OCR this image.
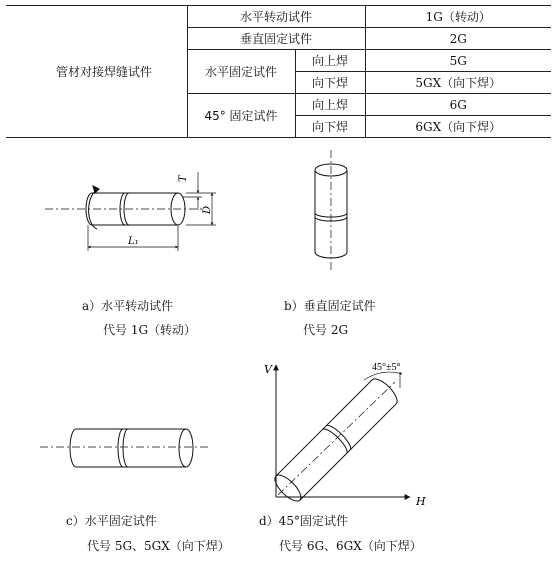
管材对接焊缝试件	水平转动试件		1G（转动）
	垂直固定试件		2G
	水平固定试件	向上焊	5G
		向下焊	5GX（向下焊）
	45° 固定试件	向上焊	6G
		向下焊	6GX（向下焊）
T
D
L₁
V
H
45°±5°
a）水平转动试件
代号 1G（转动）
b）垂直固定试件
代号 2G
c）水平固定试件
代号 5G、5GX（向下焊）
d）45°固定试件
代号 6G、6GX（向下焊）
